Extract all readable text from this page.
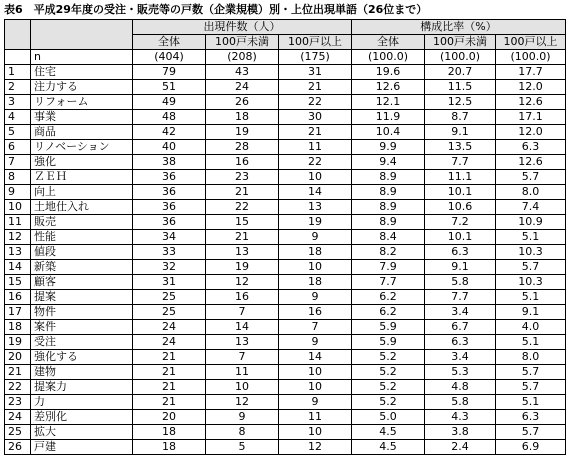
表6　平成29年度の受注・販売等の戸数（企業規模）別・上位出現単語（26位まで）
		出現件数（人）			構成比率（%）		
		全体	100戸未満	100戸以上	全体	100戸未満	100戸以上
	n	(404)	(208)	(175)	(100.0)	(100.0)	(100.0)
1	住宅	79	43	31	19.6	20.7	17.7
2	注力する	51	24	21	12.6	11.5	12.0
3	リフォーム	49	26	22	12.1	12.5	12.6
4	事業	48	18	30	11.9	8.7	17.1
5	商品	42	19	21	10.4	9.1	12.0
6	リノベーション	40	28	11	9.9	13.5	6.3
7	強化	38	16	22	9.4	7.7	12.6
8	ＺＥＨ	36	23	10	8.9	11.1	5.7
9	向上	36	21	14	8.9	10.1	8.0
10	土地仕入れ	36	22	13	8.9	10.6	7.4
11	販売	36	15	19	8.9	7.2	10.9
12	性能	34	21	9	8.4	10.1	5.1
13	値段	33	13	18	8.2	6.3	10.3
14	新築	32	19	10	7.9	9.1	5.7
15	顧客	31	12	18	7.7	5.8	10.3
16	提案	25	16	9	6.2	7.7	5.1
17	物件	25	7	16	6.2	3.4	9.1
18	案件	24	14	7	5.9	6.7	4.0
19	受注	24	13	9	5.9	6.3	5.1
20	強化する	21	7	14	5.2	3.4	8.0
21	建物	21	11	10	5.2	5.3	5.7
22	提案力	21	10	10	5.2	4.8	5.7
23	力	21	12	9	5.2	5.8	5.1
24	差別化	20	9	11	5.0	4.3	6.3
25	拡大	18	8	10	4.5	3.8	5.7
26	戸建	18	5	12	4.5	2.4	6.9
